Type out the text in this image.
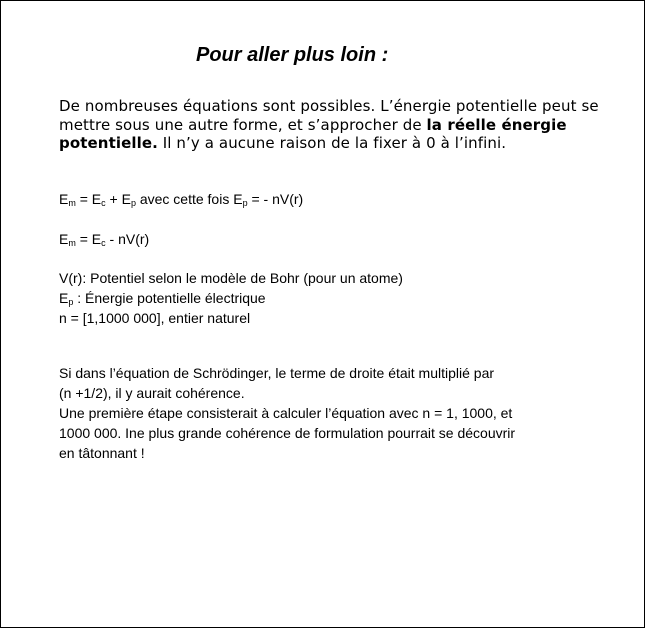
Pour aller plus loin :

De nombreuses équations sont possibles. L’énergie potentielle peut se mettre sous une autre forme, et s’approcher de la réelle énergie potentielle. Il n’y a aucune raison de la fixer à 0 à l’infini.

$E_m = E_c + E_p$ avec cette fois $E_p$ = - nV(r)

$E_m = E_c - nV(r)$

V(r): Potentiel selon le modèle de Bohr (pour un atome)
$E_p$ : Énergie potentielle électrique
n = [1,1000 000], entier naturel
Si dans l’équation de Schrödinger, le terme de droite était multiplié par
(n +1/2), il y aurait cohérence.
Une première étape consisterait à calculer l’équation avec n = 1, 1000, et
1000 000. Ine plus grande cohérence de formulation pourrait se découvrir
en tâtonnant !
